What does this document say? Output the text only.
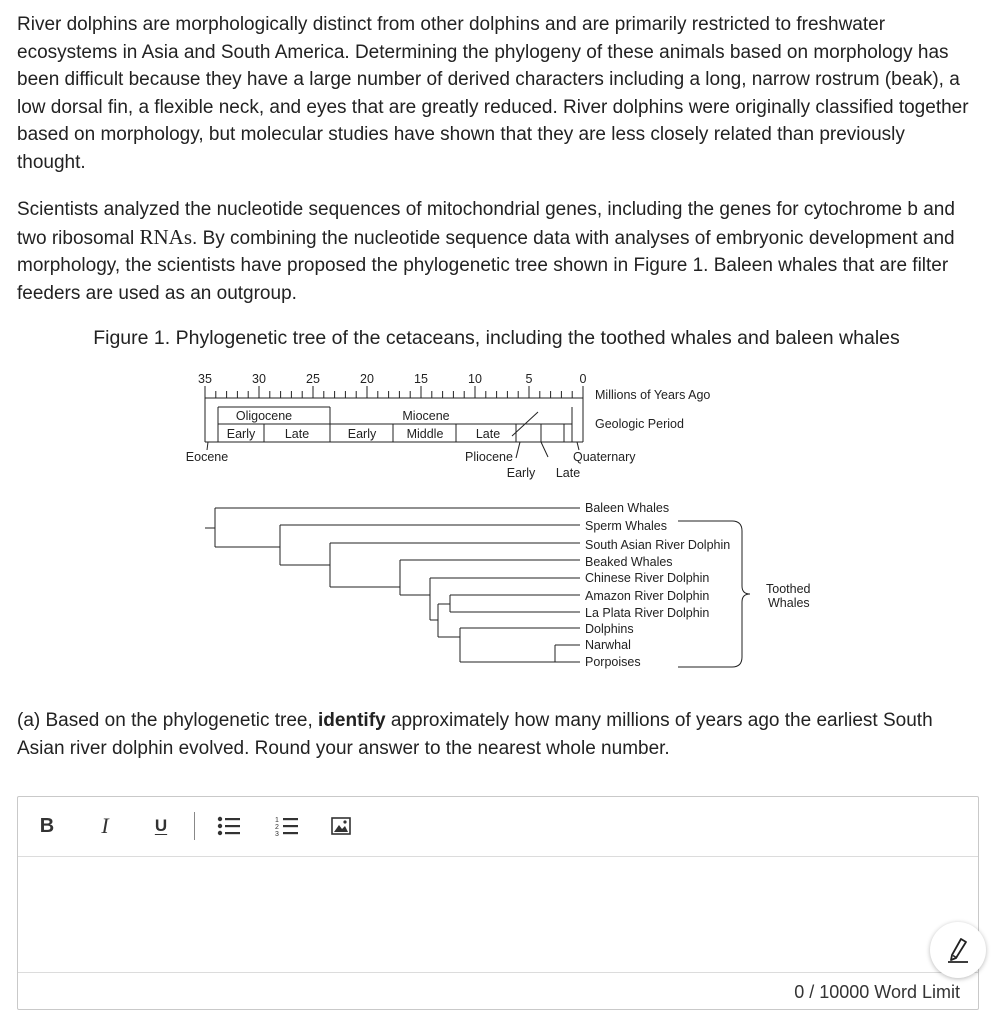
River dolphins are morphologically distinct from other dolphins and are primarily restricted to freshwater ecosystems in Asia and South America. Determining the phylogeny of these animals based on morphology has been difficult because they have a large number of derived characters including a long, narrow rostrum (beak), a low dorsal fin, a flexible neck, and eyes that are greatly reduced. River dolphins were originally classified together based on morphology, but molecular studies have shown that they are less closely related than previously thought.

Scientists analyzed the nucleotide sequences of mitochondrial genes, including the genes for cytochrome b and two ribosomal RNAs. By combining the nucleotide sequence data with analyses of embryonic development and morphology, the scientists have proposed the phylogenetic tree shown in Figure 1. Baleen whales that are filter feeders are used as an outgroup.

Figure 1. Phylogenetic tree of the cetaceans, including the toothed whales and baleen whales

35	30	25	20	15	10	5	0
Millions of Years Ago
Oligocene	Miocene
Early Late	Early Middle	Late
Geologic Period
Eocene	Pliocene	Quaternary
Early Late
Baleen Whales
Sperm Whales
South Asian River Dolphin
Beaked Whales
Chinese River Dolphin
Amazon River Dolphin
La Plata River Dolphin
Dolphins
Narwhal
Porpoises
Toothed
Whales

(a) Based on the phylogenetic tree, identify approximately how many millions of years ago the earliest South Asian river dolphin evolved. Round your answer to the nearest whole number.

B	I	U	1
2
3
0 / 10000 Word Limit
